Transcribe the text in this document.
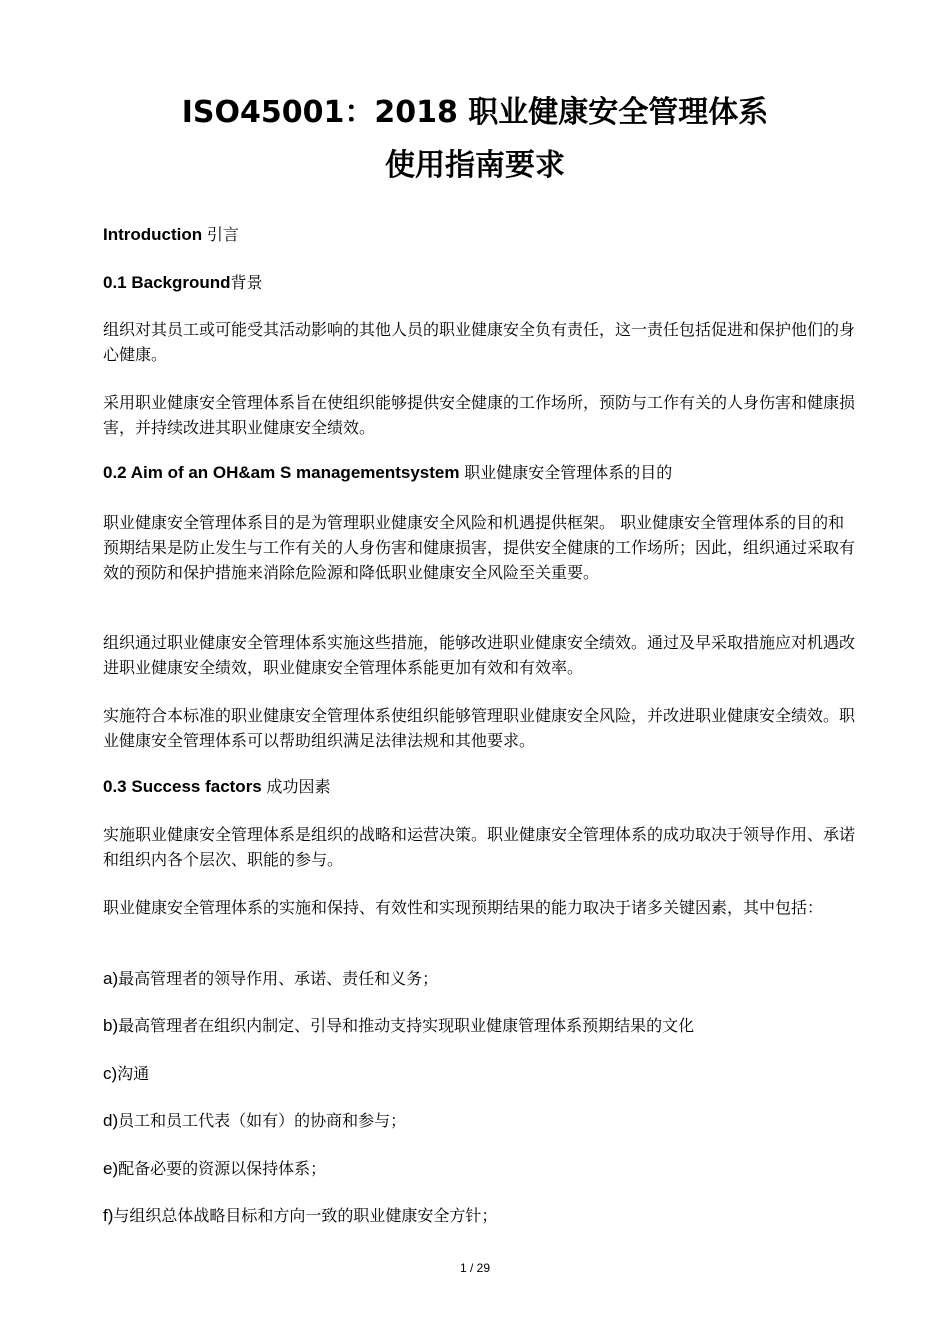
ISO45001：2018 职业健康安全管理体系
使用指南要求
Introduction 引言
0.1 Background背景

组织对其员工或可能受其活动影响的其他人员的职业健康安全负有责任，这一责任包括促进和保护他们的身心健康。

采用职业健康安全管理体系旨在使组织能够提供安全健康的工作场所，预防与工作有关的人身伤害和健康损害，并持续改进其职业健康安全绩效。

0.2 Aim of an OH&am S managementsystem 职业健康安全管理体系的目的

职业健康安全管理体系目的是为管理职业健康安全风险和机遇提供框架。 职业健康安全管理体系的目的和预期结果是防止发生与工作有关的人身伤害和健康损害，提供安全健康的工作场所；因此，组织通过采取有效的预防和保护措施来消除危险源和降低职业健康安全风险至关重要。

组织通过职业健康安全管理体系实施这些措施，能够改进职业健康安全绩效。通过及早采取措施应对机遇改进职业健康安全绩效，职业健康安全管理体系能更加有效和有效率。

实施符合本标准的职业健康安全管理体系使组织能够管理职业健康安全风险，并改进职业健康安全绩效。职业健康安全管理体系可以帮助组织满足法律法规和其他要求。

0.3 Success factors 成功因素

实施职业健康安全管理体系是组织的战略和运营决策。职业健康安全管理体系的成功取决于领导作用、承诺和组织内各个层次、职能的参与。

职业健康安全管理体系的实施和保持、有效性和实现预期结果的能力取决于诸多关键因素，其中包括：

a)最高管理者的领导作用、承诺、责任和义务；
b)最高管理者在组织内制定、引导和推动支持实现职业健康管理体系预期结果的文化
c)沟通
d)员工和员工代表（如有）的协商和参与；
e)配备必要的资源以保持体系；
f)与组织总体战略目标和方向一致的职业健康安全方针；
1 / 29
